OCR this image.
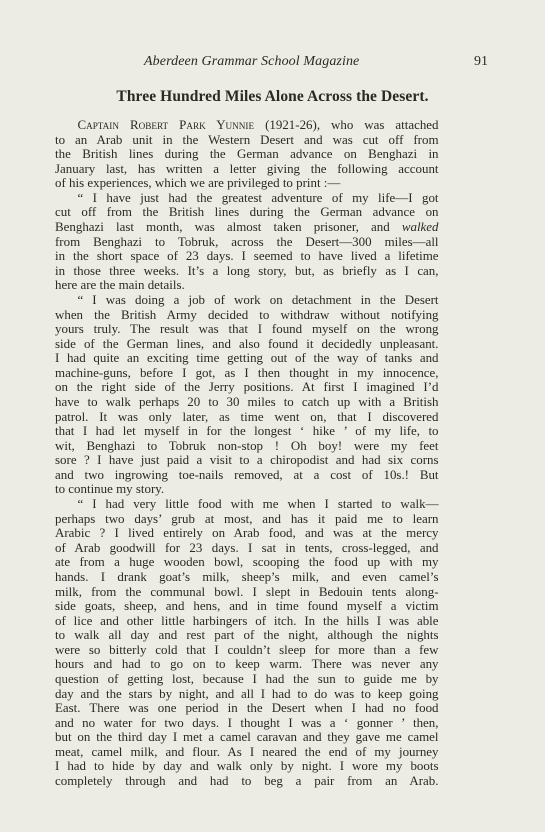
Aberdeen Grammar School Magazine	91
Three Hundred Miles Alone Across the Desert.
Captain Robert Park Yunnie (1921-26), who was attached
to an Arab unit in the Western Desert and was cut off from
the British lines during the German advance on Benghazi in
January last, has written a letter giving the following account
of his experiences, which we are privileged to print :—
“ I have just had the greatest adventure of my life—I got
cut off from the British lines during the German advance on
Benghazi last month, was almost taken prisoner, and walked
from Benghazi to Tobruk, across the Desert—300 miles—all
in the short space of 23 days. I seemed to have lived a lifetime
in those three weeks. It’s a long story, but, as briefly as I can,
here are the main details.
“ I was doing a job of work on detachment in the Desert
when the British Army decided to withdraw without notifying
yours truly. The result was that I found myself on the wrong
side of the German lines, and also found it decidedly unpleasant.
I had quite an exciting time getting out of the way of tanks and
machine-guns, before I got, as I then thought in my innocence,
on the right side of the Jerry positions. At first I imagined I’d
have to walk perhaps 20 to 30 miles to catch up with a British
patrol. It was only later, as time went on, that I discovered
that I had let myself in for the longest ‘ hike ’ of my life, to
wit, Benghazi to Tobruk non-stop ! Oh boy! were my feet
sore ? I have just paid a visit to a chiropodist and had six corns
and two ingrowing toe-nails removed, at a cost of 10s.! But
to continue my story.
“ I had very little food with me when I started to walk—
perhaps two days’ grub at most, and has it paid me to learn
Arabic ? I lived entirely on Arab food, and was at the mercy
of Arab goodwill for 23 days. I sat in tents, cross-legged, and
ate from a huge wooden bowl, scooping the food up with my
hands. I drank goat’s milk, sheep’s milk, and even camel’s
milk, from the communal bowl. I slept in Bedouin tents along-
side goats, sheep, and hens, and in time found myself a victim
of lice and other little harbingers of itch. In the hills I was able
to walk all day and rest part of the night, although the nights
were so bitterly cold that I couldn’t sleep for more than a few
hours and had to go on to keep warm. There was never any
question of getting lost, because I had the sun to guide me by
day and the stars by night, and all I had to do was to keep going
East. There was one period in the Desert when I had no food
and no water for two days. I thought I was a ‘ gonner ’ then,
but on the third day I met a camel caravan and they gave me camel
meat, camel milk, and flour. As I neared the end of my journey
I had to hide by day and walk only by night. I wore my boots
completely through and had to beg a pair from an Arab.
